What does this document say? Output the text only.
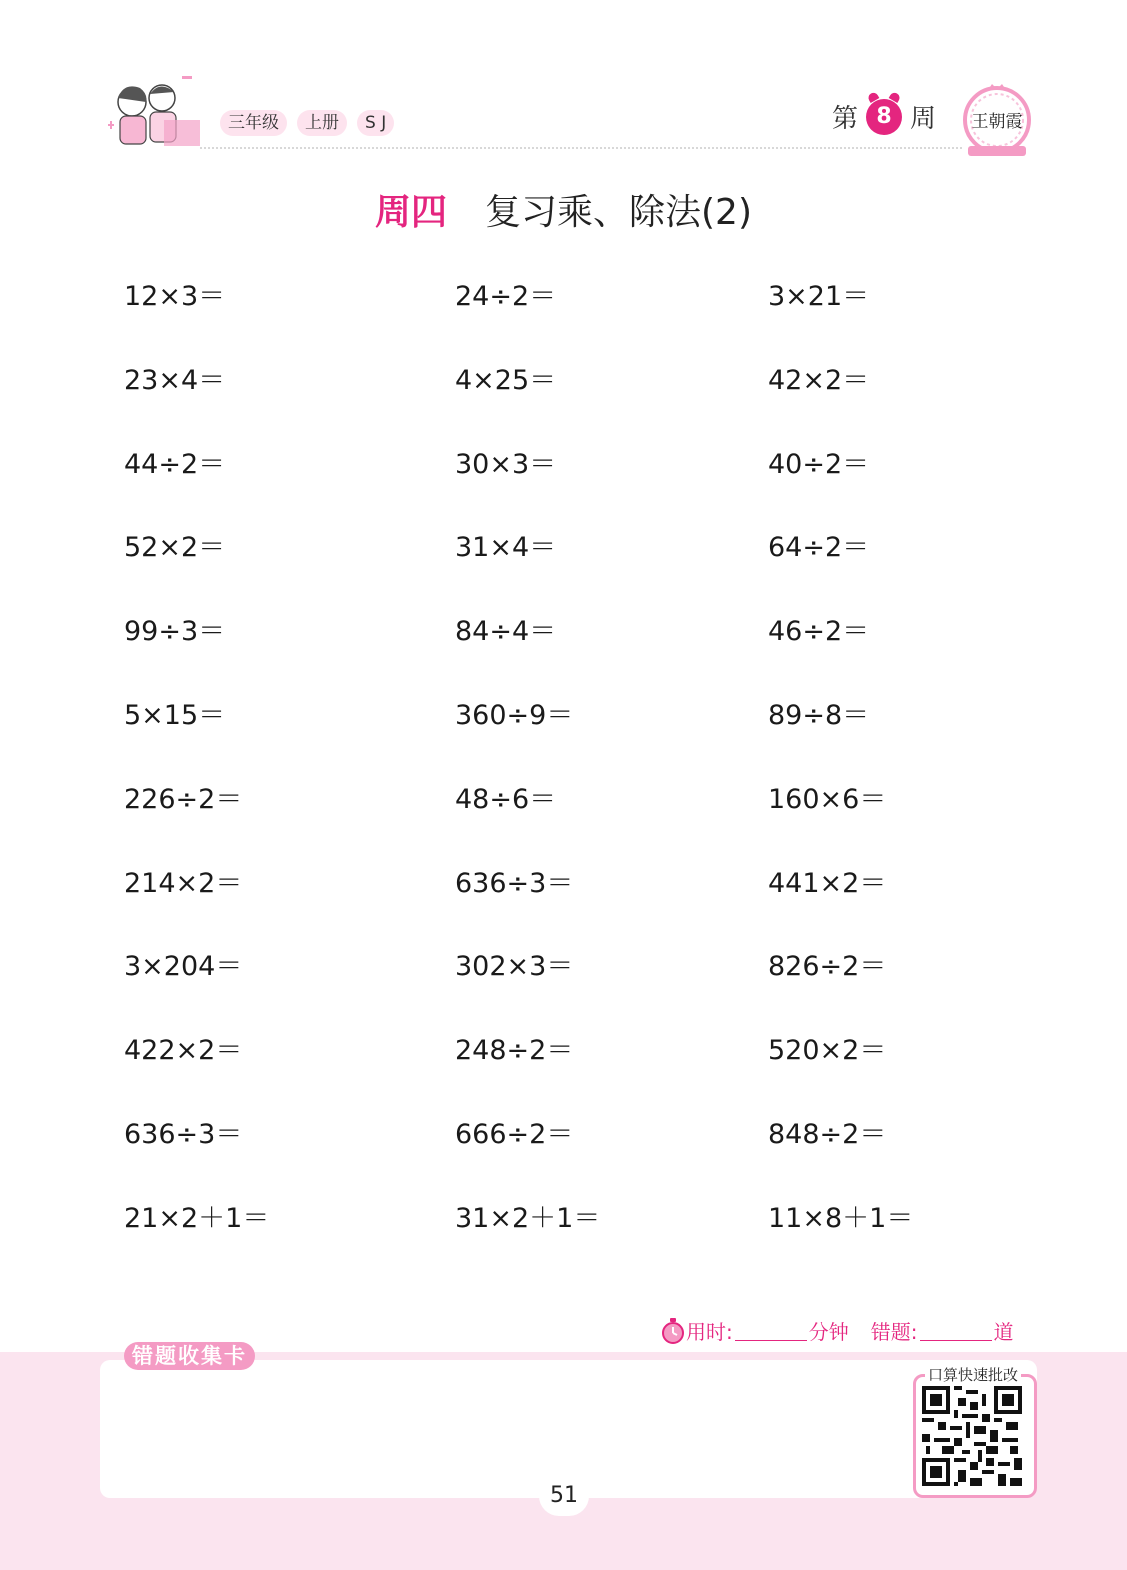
三年级	上册	S J	第 8 周 王朝霞
周四 复习乘、除法(2)
12×3＝	24÷2＝	3×21＝
23×4＝	4×25＝	42×2＝
44÷2＝	30×3＝	40÷2＝
52×2＝	31×4＝	64÷2＝
99÷3＝	84÷4＝	46÷2＝
5×15＝	360÷9＝	89÷8＝
226÷2＝	48÷6＝	160×6＝
214×2＝	636÷3＝	441×2＝
3×204＝	302×3＝	826÷2＝
422×2＝	248÷2＝	520×2＝
636÷3＝	666÷2＝	848÷2＝
21×2＋1＝	31×2＋1＝	11×8＋1＝
用时:	分钟 错题:	道
错题收集卡
口算快速批改
51
